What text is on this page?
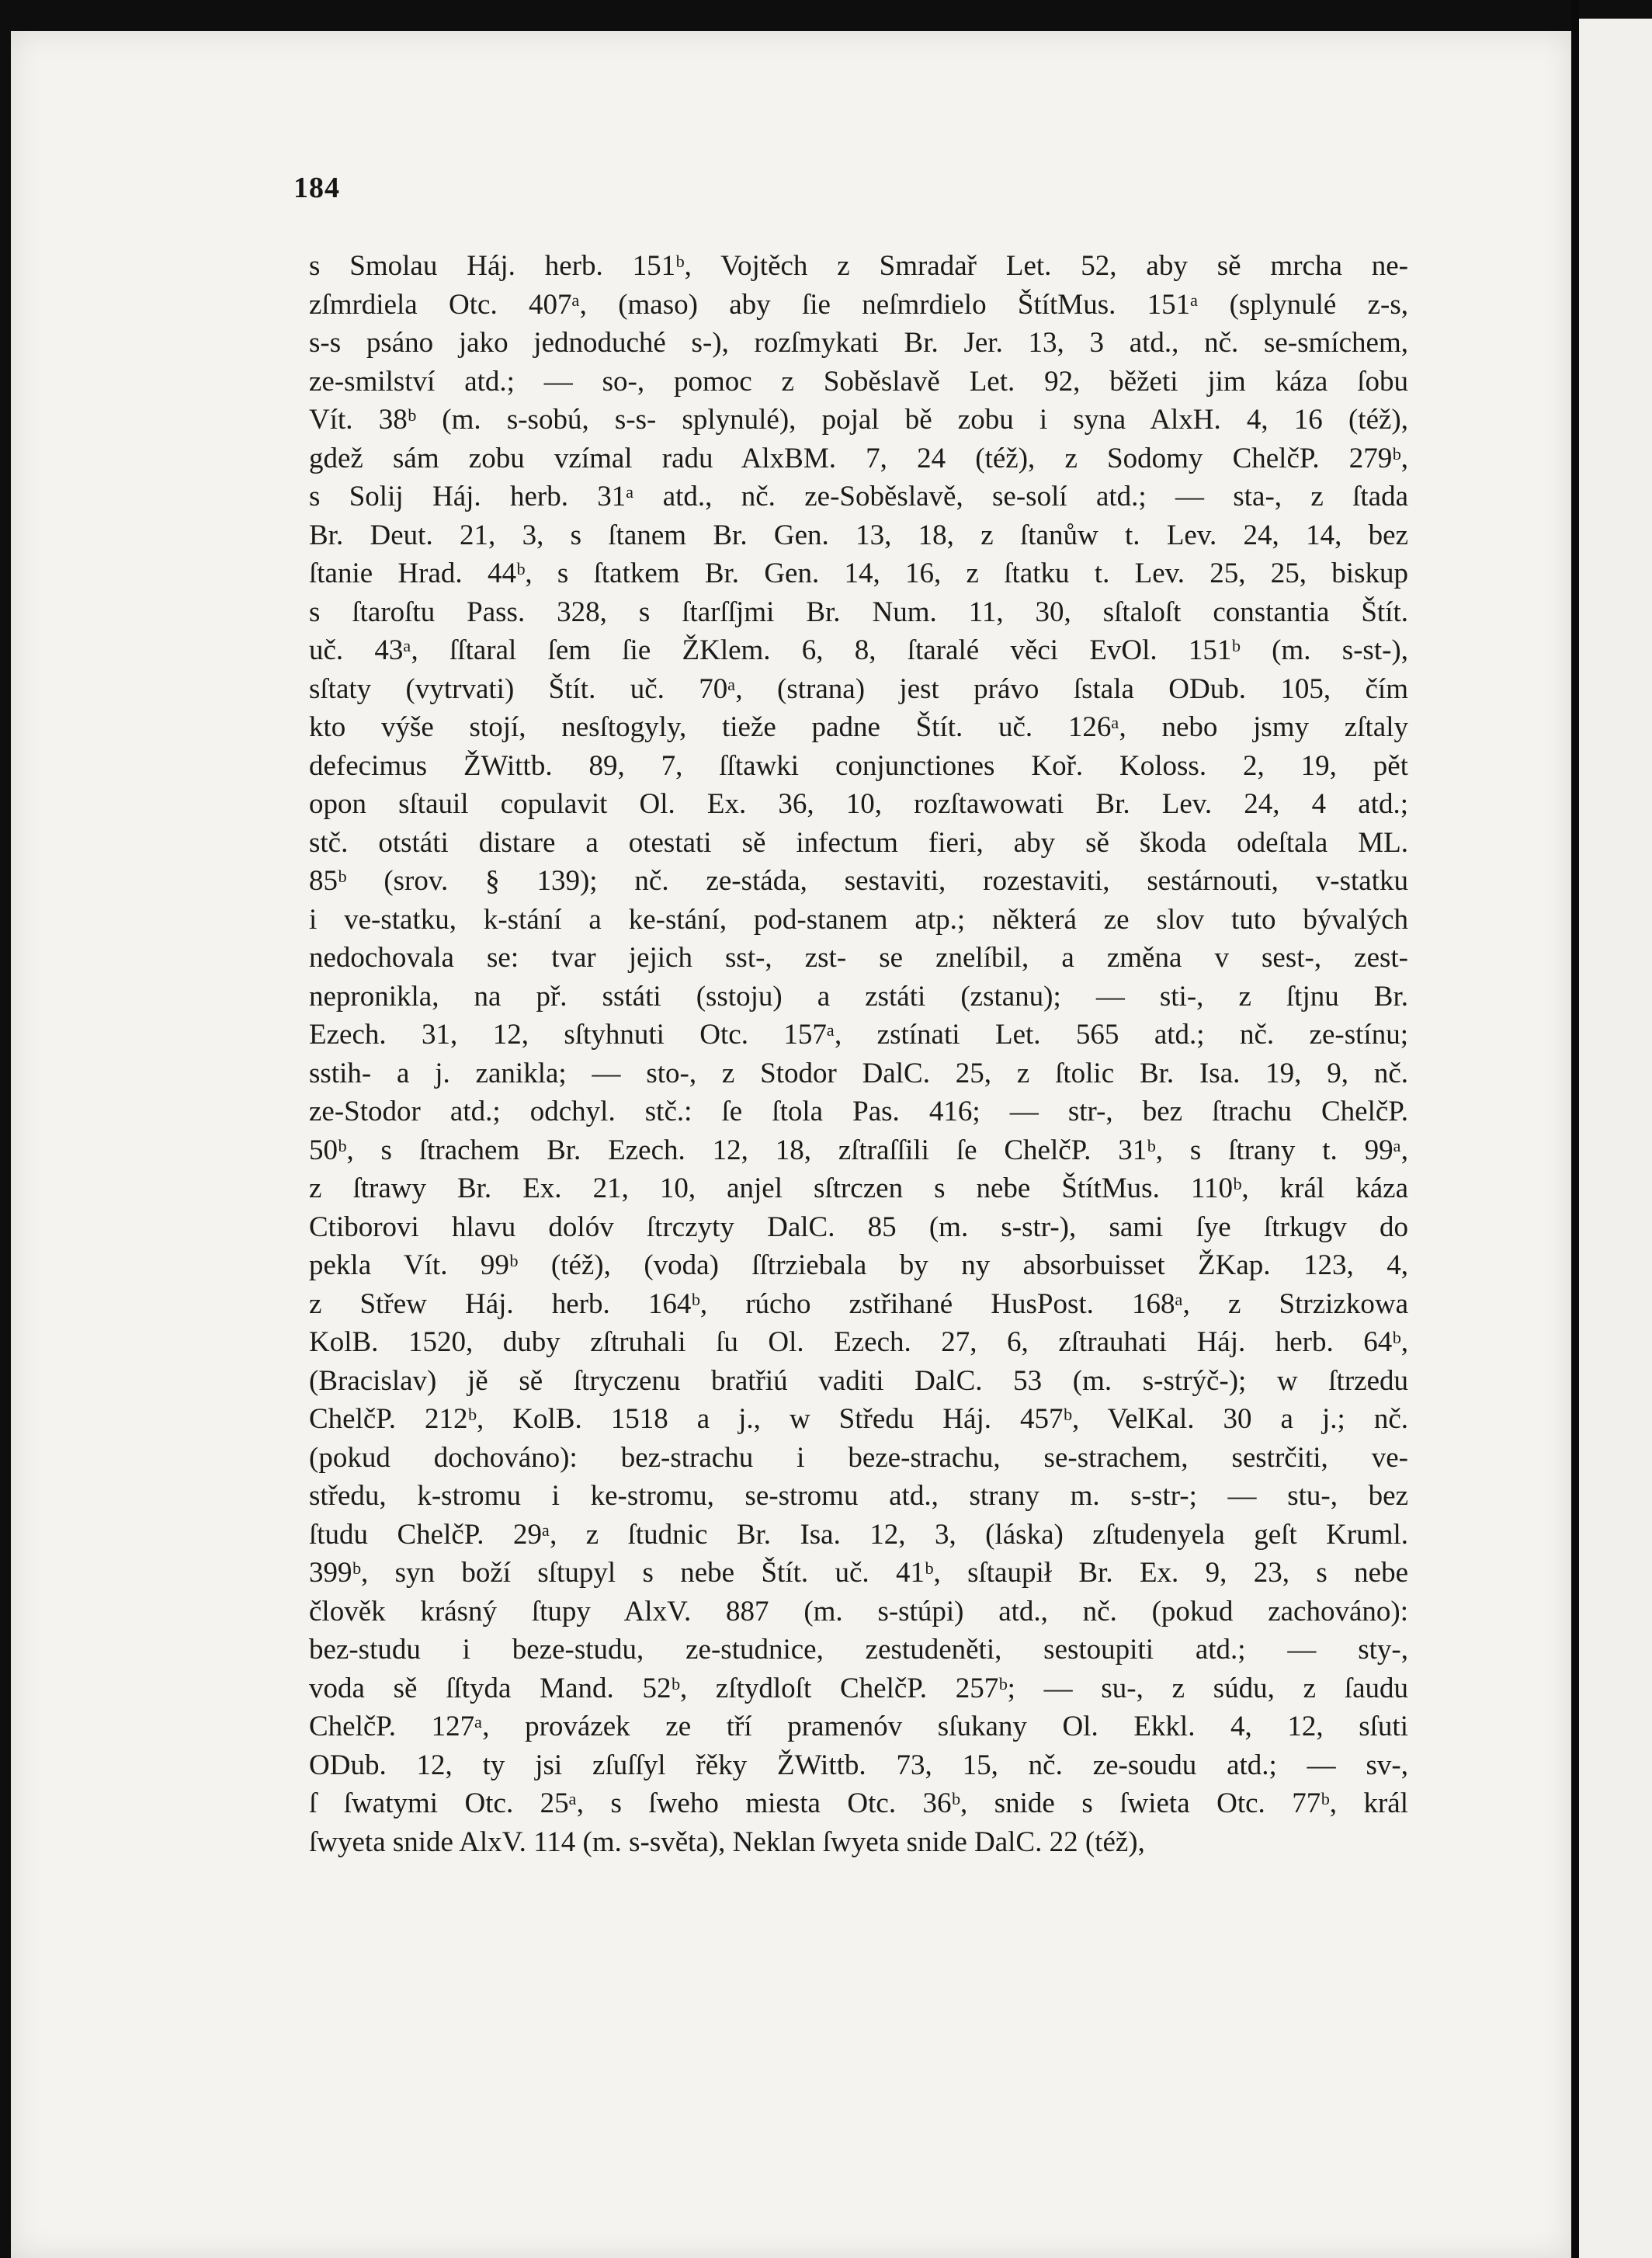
184
s Smolau Háj. herb. 151ᵇ, Vojtěch z Smradař Let. 52, aby sě mrcha ne-
zſmrdiela Otc. 407ᵃ, (maso) aby ſie neſmrdielo ŠtítMus. 151ᵃ (splynulé z-s,
s-s psáno jako jednoduché s-), rozſmykati Br. Jer. 13, 3 atd., nč. se-smíchem,
ze-smilství atd.; — so-, pomoc z Soběslavě Let. 92, běžeti jim káza ſobu
Vít. 38ᵇ (m. s-sobú, s-s- splynulé), pojal bě zobu i syna AlxH. 4, 16 (též),
gdež sám zobu vzímal radu AlxBM. 7, 24 (též), z Sodomy ChelčP. 279ᵇ,
s Solij Háj. herb. 31ᵃ atd., nč. ze-Soběslavě, se-solí atd.; — sta-, z ſtada
Br. Deut. 21, 3, s ſtanem Br. Gen. 13, 18, z ſtanůw t. Lev. 24, 14, bez
ſtanie Hrad. 44ᵇ, s ſtatkem Br. Gen. 14, 16, z ſtatku t. Lev. 25, 25, biskup
s ſtaroſtu Pass. 328, s ſtarſſjmi Br. Num. 11, 30, sſtaloſt constantia Štít.
uč. 43ᵃ, ſſtaral ſem ſie ŽKlem. 6, 8, ſtaralé věci EvOl. 151ᵇ (m. s-st-),
sſtaty (vytrvati) Štít. uč. 70ᵃ, (strana) jest právo ſstala ODub. 105, čím
kto výše stojí, nesſtogyly, tieže padne Štít. uč. 126ᵃ, nebo jsmy zſtaly
defecimus ŽWittb. 89, 7, ſſtawki conjunctiones Koř. Koloss. 2, 19, pět
opon sſtauil copulavit Ol. Ex. 36, 10, rozſtawowati Br. Lev. 24, 4 atd.;
stč. otstáti distare a otestati sě infectum fieri, aby sě škoda odeſtala ML.
85ᵇ (srov. § 139); nč. ze-stáda, sestaviti, rozestaviti, sestárnouti, v-statku
i ve-statku, k-stání a ke-stání, pod-stanem atp.; některá ze slov tuto bývalých
nedochovala se: tvar jejich sst-, zst- se znelíbil, a změna v sest-, zest-
nepronikla, na př. sstáti (sstoju) a zstáti (zstanu); — sti-, z ſtjnu Br.
Ezech. 31, 12, sſtyhnuti Otc. 157ᵃ, zstínati Let. 565 atd.; nč. ze-stínu;
sstih- a j. zanikla; — sto-, z Stodor DalC. 25, z ſtolic Br. Isa. 19, 9, nč.
ze-Stodor atd.; odchyl. stč.: ſe ſtola Pas. 416; — str-, bez ſtrachu ChelčP.
50ᵇ, s ſtrachem Br. Ezech. 12, 18, zſtraſſili ſe ChelčP. 31ᵇ, s ſtrany t. 99ᵃ,
z ſtrawy Br. Ex. 21, 10, anjel sſtrczen s nebe ŠtítMus. 110ᵇ, král káza
Ctiborovi hlavu dolóv ſtrczyty DalC. 85 (m. s-str-), sami ſye ſtrkugv do
pekla Vít. 99ᵇ (též), (voda) ſſtrziebala by ny absorbuisset ŽKap. 123, 4,
z Střew Háj. herb. 164ᵇ, rúcho zstřihané HusPost. 168ᵃ, z Strzizkowa
KolB. 1520, duby zſtruhali ſu Ol. Ezech. 27, 6, zſtrauhati Háj. herb. 64ᵇ,
(Bracislav) jě sě ſtryczenu bratřiú vaditi DalC. 53 (m. s-strýč-); w ſtrzedu
ChelčP. 212ᵇ, KolB. 1518 a j., w Středu Háj. 457ᵇ, VelKal. 30 a j.; nč.
(pokud dochováno): bez-strachu i beze-strachu, se-strachem, sestrčiti, ve-
středu, k-stromu i ke-stromu, se-stromu atd., strany m. s-str-; — stu-, bez
ſtudu ChelčP. 29ᵃ, z ſtudnic Br. Isa. 12, 3, (láska) zſtudenyela geſt Kruml.
399ᵇ, syn boží sſtupyl s nebe Štít. uč. 41ᵇ, sſtaupił Br. Ex. 9, 23, s nebe
člověk krásný ſtupy AlxV. 887 (m. s-stúpi) atd., nč. (pokud zachováno):
bez-studu i beze-studu, ze-studnice, zestudeněti, sestoupiti atd.; — sty-,
voda sě ſſtyda Mand. 52ᵇ, zſtydloſt ChelčP. 257ᵇ; — su-, z súdu, z ſaudu
ChelčP. 127ᵃ, provázek ze tří pramenóv sſukany Ol. Ekkl. 4, 12, sſuti
ODub. 12, ty jsi zſuſſyl řěky ŽWittb. 73, 15, nč. ze-soudu atd.; — sv-,
ſ ſwatymi Otc. 25ᵃ, s ſweho miesta Otc. 36ᵇ, snide s ſwieta Otc. 77ᵇ, král
ſwyeta snide AlxV. 114 (m. s-světa), Neklan ſwyeta snide DalC. 22 (též),
